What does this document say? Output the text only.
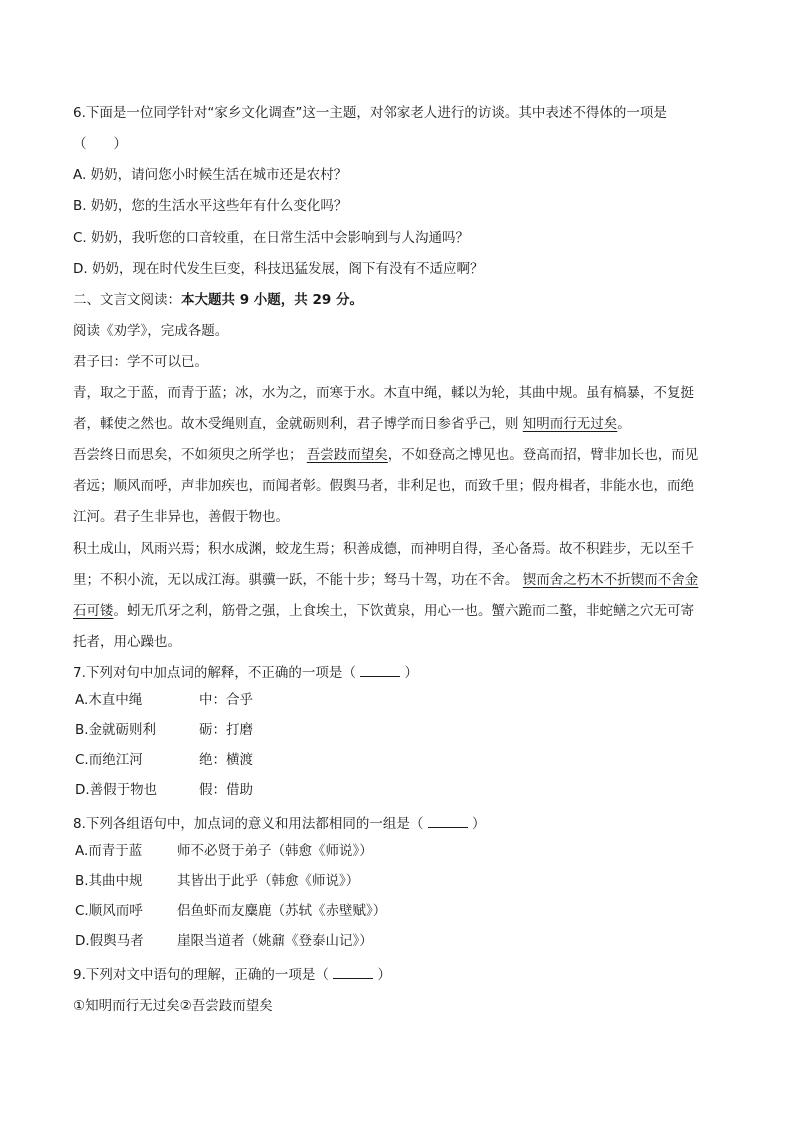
6.下面是一位同学针对“家乡文化调查”这一主题，对邻家老人进行的访谈。其中表述不得体的一项是
（　　）
A. 奶奶，请问您小时候生活在城市还是农村？
B. 奶奶，您的生活水平这些年有什么变化吗？
C. 奶奶，我听您的口音较重，在日常生活中会影响到与人沟通吗？
D. 奶奶，现在时代发生巨变，科技迅猛发展，阁下有没有不适应啊？
二、文言文阅读：本大题共 9 小题，共 29 分。
阅读《劝学》，完成各题。
君子曰：学不可以已。
青，取之于蓝，而青于蓝；冰，水为之，而寒于水。木直中绳，輮以为轮，其曲中规。虽有槁暴，不复挺
者，輮使之然也。故木受绳则直，金就砺则利，君子博学而日参省乎己，则 知明而行无过矣。
吾尝终日而思矣，不如须臾之所学也； 吾尝跂而望矣，不如登高之博见也。登高而招，臂非加长也，而见
者远；顺风而呼，声非加疾也，而闻者彰。假舆马者，非利足也，而致千里；假舟楫者，非能水也，而绝
江河。君子生非异也，善假于物也。
积土成山，风雨兴焉；积水成渊，蛟龙生焉；积善成德，而神明自得，圣心备焉。故不积跬步，无以至千
里；不积小流，无以成江海。骐骥一跃，不能十步；驽马十驾，功在不舍。 锲而舍之朽木不折锲而不舍金
石可镂。蚓无爪牙之利，筋骨之强，上食埃土，下饮黄泉，用心一也。蟹六跪而二螯，非蛇鳝之穴无可寄
托者，用心躁也。
7.下列对句中加点词的解释，不正确的一项是（	）
A.木直中绳	中：合乎
B.金就砺则利	砺：打磨
C.而绝江河	绝：横渡
D.善假于物也	假：借助
8.下列各组语句中，加点词的意义和用法都相同的一组是（	）
A.而青于蓝	师不必贤于弟子（韩愈《师说》）
B.其曲中规	其皆出于此乎（韩愈《师说》）
C.顺风而呼	侣鱼虾而友麋鹿（苏轼《赤壁赋》）
D.假舆马者 崖限当道者（姚鼐《登泰山记》）
9.下列对文中语句的理解，正确的一项是（	）
①知明而行无过矣②吾尝跂而望矣
